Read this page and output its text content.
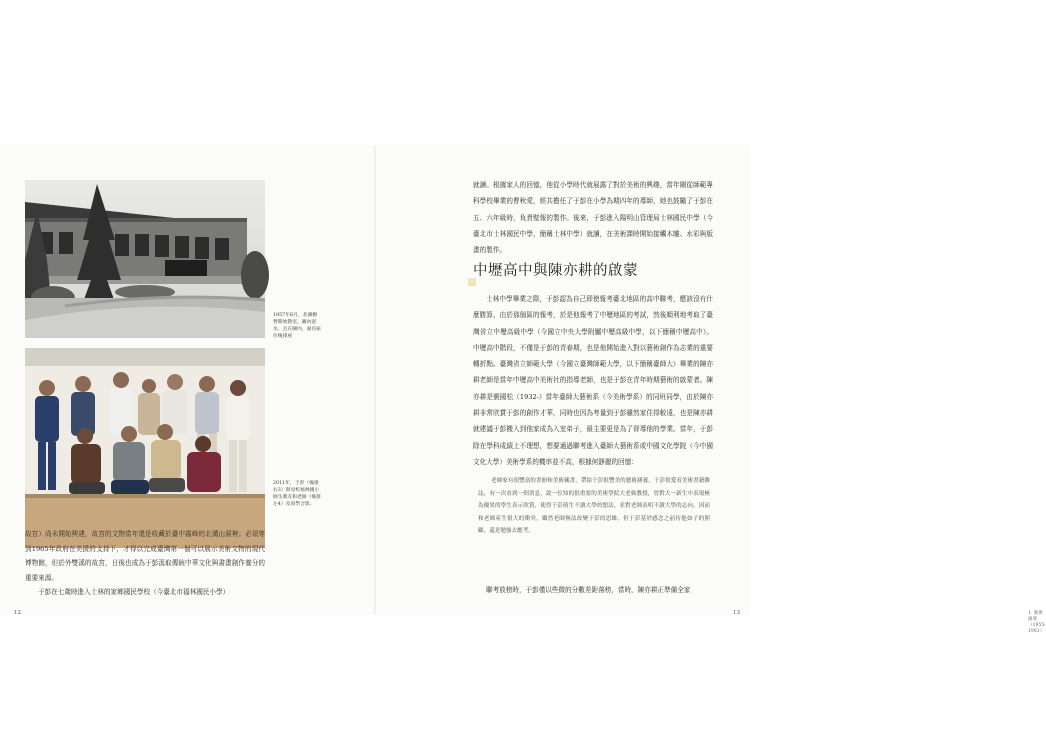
1957年6月，北湖樹營開始教室，圖內泥水，且在圖內，面有座位後排座
2011年，于彭（後排右3）與母校福林國小師生教友和老師（後排左4）及同學合影。

故宮）尚未開始興建，故宮的文物當年還是收藏於臺中霧峰的北溝山洞裡；必須等到1965年政府在美援的支持下，才得以完成臺灣第一個可以展示美術文物的現代博物館，但於外雙溪的故宮，日後也成為于彭汲取傳統中華文化與書畫創作養分的重要來源。

于彭在七歲時進入士林的家鄉國民學校（今臺北市福林國民小學）

12

就讀。根據家人的回憶，他從小學時代就展露了對於美術的興趣，當年剛從師範專科學校畢業的曹秋愛，經共擔任了于彭在小學為期四年的導師，她也鼓勵了于彭在五、六年級時，負責壁報的製作。後來，于彭進入陽明山管理局士林國民中學（今臺北市士林國民中學，簡稱士林中學）就讀，在美術課時開始接觸木雕、水彩與版畫的製作。

中壢高中與陳亦耕的啟蒙

士林中學畢業之際，于彭認為自己即使報考臺北地區的高中聯考，應該沒有什麼勝算，由於那個區的報考，於是他報考了中壢地區的考試，然後順利地考取了臺灣省立中壢高級中學（今國立中央大學附屬中壢高級中學，以下簡稱中壢高中）。中壢高中階段，不僅是于彭的青春期，也是他開始進入對以藝術創作為志業的重要轉折點。臺灣省立師範大學（今國立臺灣師範大學，以下簡稱臺師大）畢業的陳亦耕老師是當年中壢高中美術社的指導老師，也是于彭在青年時期藝術的啟蒙者。陳亦耕是劉國松（1932-）當年臺師大藝術系（今美術學系）的同班同學，由於陳亦耕非常欣賞于彭的創作才華，同時也因為考量到于彭雖然家住得較遠，也是陳亦耕就建議于彭搬入到他家成為入室弟子，最主要更是為了督導他的學業。當年，于彭除在學科成績上不理想，想要通過聯考進入臺師大藝術系或中國文化學院（今中國文化大學）美術學系的機率並不高，根據何靜麗的回憶：

老師家有很豐富的書冊和美術藏書，帶給于彭很豐美的藝術涵養，于彭很愛看美術書籍雜誌，有一次看到一則消息，說一位知的很重要的美術學院大老級教授，曾對大一新生中表現極為優異的學生表示欣賞，使得于彭萌生不讀大學的想法，並對老師表明不讀大學的志向，因而和老師產生很大的衝突，雖然老師無法改變于彭的思維，但于彭基於感念之前待他如子的照顧，還是勉強去應考。

聯考放榜時，于彭僅以些微的分數差距落榜，當時，陳亦耕正準備全家

1. 藝術啟蒙（1955-1981）
13
